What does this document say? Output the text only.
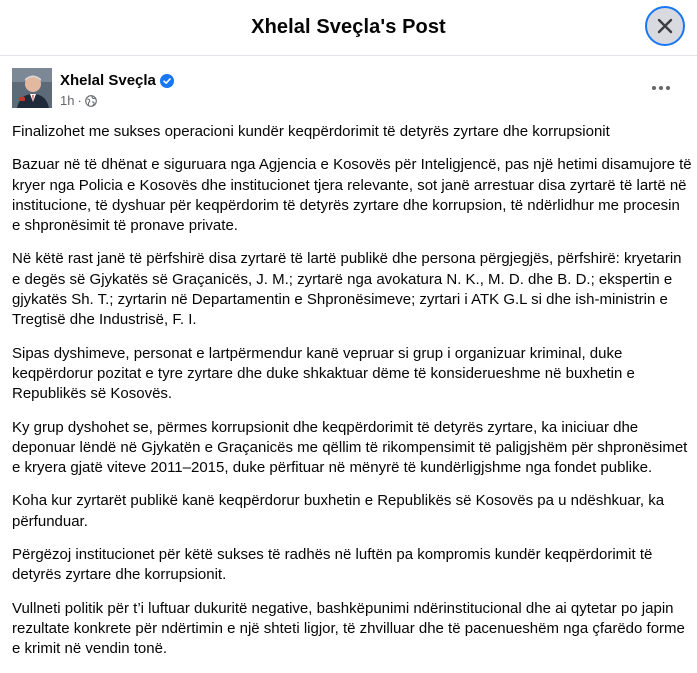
Xhelal Sveçla's Post
Xhelal Sveçla
1h ·

Finalizohet me sukses operacioni kundër keqpërdorimit të detyrës zyrtare dhe korrupsionit

Bazuar në të dhënat e siguruara nga Agjencia e Kosovës për Inteligjencë, pas një hetimi disamujore të kryer nga Policia e Kosovës dhe institucionet tjera relevante, sot janë arrestuar disa zyrtarë të lartë në institucione, të dyshuar për keqpërdorim të detyrës zyrtare dhe korrupsion, të ndërlidhur me procesin e shpronësimit të pronave private.

Në këtë rast janë të përfshirë disa zyrtarë të lartë publikë dhe persona përgjegjës, përfshirë: kryetarin e degës së Gjykatës së Graçanicës, J. M.; zyrtarë nga avokatura N. K., M. D. dhe B. D.; ekspertin e gjykatës Sh. T.; zyrtarin në Departamentin e Shpronësimeve; zyrtari i ATK G.L si dhe ish-ministrin e Tregtisë dhe Industrisë, F. I.

Sipas dyshimeve, personat e lartpërmendur kanë vepruar si grup i organizuar kriminal, duke keqpërdorur pozitat e tyre zyrtare dhe duke shkaktuar dëme të konsiderueshme në buxhetin e Republikës së Kosovës.

Ky grup dyshohet se, përmes korrupsionit dhe keqpërdorimit të detyrës zyrtare, ka iniciuar dhe deponuar lëndë në Gjykatën e Graçanicës me qëllim të rikompensimit të paligjshëm për shpronësimet e kryera gjatë viteve 2011–2015, duke përfituar në mënyrë të kundërligjshme nga fondet publike.

Koha kur zyrtarët publikë kanë keqpërdorur buxhetin e Republikës së Kosovës pa u ndëshkuar, ka përfunduar.

Përgëzoj institucionet për këtë sukses të radhës në luftën pa kompromis kundër keqpërdorimit të detyrës zyrtare dhe korrupsionit.

Vullneti politik për t’i luftuar dukuritë negative, bashkëpunimi ndërinstitucional dhe ai qytetar po japin rezultate konkrete për ndërtimin e një shteti ligjor, të zhvilluar dhe të pacenueshëm nga çfarëdo forme e krimit në vendin tonë.
